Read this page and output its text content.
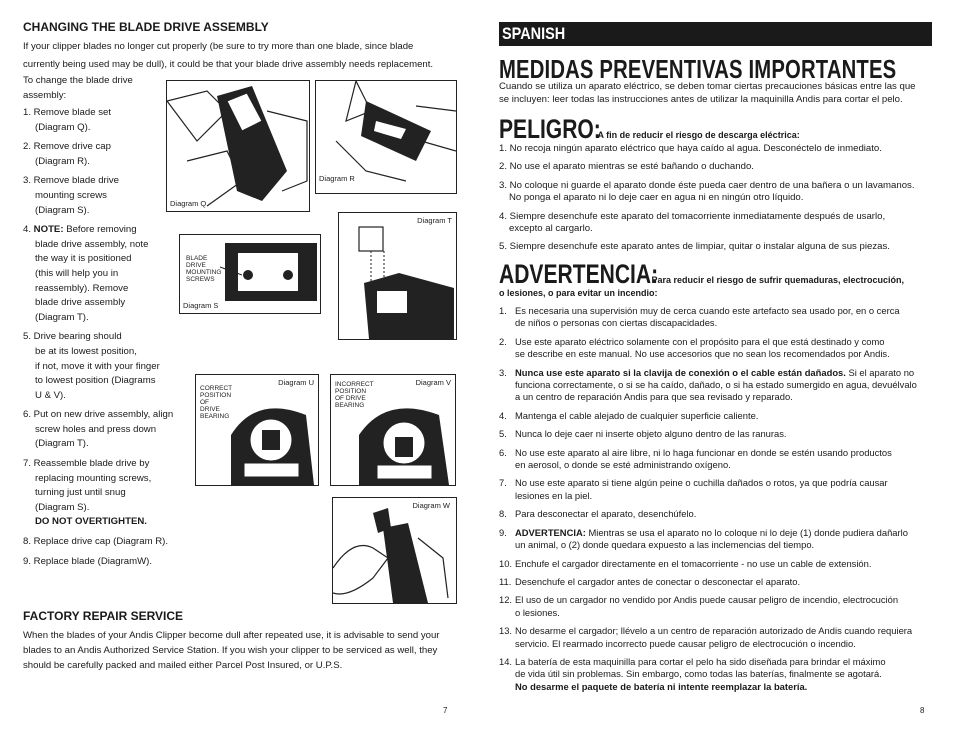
CHANGING THE BLADE DRIVE ASSEMBLY
If your clipper blades no longer cut properly (be sure to try more than one blade, since blade
currently being used may be dull), it could be that your blade drive assembly needs replacement.
To change the blade drive
assembly:
1. Remove blade set
(Diagram Q).
2. Remove drive cap
(Diagram R).
3. Remove blade drive
mounting screws
(Diagram S).
4. NOTE: Before removing
blade drive assembly, note
the way it is positioned
(this will help you in
reassembly). Remove
blade drive assembly
(Diagram T).
5. Drive bearing should
be at its lowest position,
if not, move it with your finger
to lowest position (Diagrams
U & V).
6. Put on new drive assembly, align
screw holes and press down
(Diagram T).
7. Reassemble blade drive by
replacing mounting screws,
turning just until snug
(Diagram S).
DO NOT OVERTIGHTEN.
8. Replace drive cap (Diagram R).
9. Replace blade (DiagramW).
Diagram Q
Diagram R
BLADE
DRIVE
MOUNTING
SCREWS
Diagram S
Diagram T
CORRECT
POSITION
OF
DRIVE
BEARING
Diagram U	INCORRECT
POSITION
OF DRIVE
BEARING
Diagram V
Diagram W
FACTORY REPAIR SERVICE
When the blades of your Andis Clipper become dull after repeated use, it is advisable to send your
blades to an Andis Authorized Service Station. If you wish your clipper to be serviced as well, they
should be carefully packed and mailed either Parcel Post Insured, or U.P.S.
7
SPANISH
MEDIDAS PREVENTIVAS IMPORTANTES
Cuando se utiliza un aparato eléctrico, se deben tomar ciertas precauciones básicas entre las que
se incluyen: leer todas las instrucciones antes de utilizar la maquinilla Andis para cortar el pelo.
PELIGRO: A fin de reducir el riesgo de descarga eléctrica:
1. No recoja ningún aparato eléctrico que haya caído al agua. Desconéctelo de inmediato.
2. No use el aparato mientras se esté bañando o duchando.
3. No coloque ni guarde el aparato donde éste pueda caer dentro de una bañera o un lavamanos.
No ponga el aparato ni lo deje caer en agua ni en ningún otro líquido.
4. Siempre desenchufe este aparato del tomacorriente inmediatamente después de usarlo,
excepto al cargarlo.
5. Siempre desenchufe este aparato antes de limpiar, quitar o instalar alguna de sus piezas.
ADVERTENCIA: Para reducir el riesgo de sufrir quemaduras, electrocución,
o lesiones, o para evitar un incendio:
1. Es necesaria una supervisión muy de cerca cuando este artefacto sea usado por, en o cerca
de niños o personas con ciertas discapacidades.
2. Use este aparato eléctrico solamente con el propósito para el que está destinado y como
se describe en este manual. No use accesorios que no sean los recomendados por Andis.
3. Nunca use este aparato si la clavija de conexión o el cable están dañados. Si el aparato no
funciona correctamente, o si se ha caído, dañado, o si ha estado sumergido en agua, devuélvalo
a un centro de reparación Andis para que sea revisado y reparado.
4. Mantenga el cable alejado de cualquier superficie caliente.
5. Nunca lo deje caer ni inserte objeto alguno dentro de las ranuras.
6. No use este aparato al aire libre, ni lo haga funcionar en donde se estén usando productos
en aerosol, o donde se esté administrando oxígeno.
7. No use este aparato si tiene algún peine o cuchilla dañados o rotos, ya que podría causar
lesiones en la piel.
8. Para desconectar el aparato, desenchúfelo.
9. ADVERTENCIA: Mientras se usa el aparato no lo coloque ni lo deje (1) donde pudiera dañarlo
un animal, o (2) donde quedara expuesto a las inclemencias del tiempo.
10. Enchufe el cargador directamente en el tomacorriente - no use un cable de extensión.
11. Desenchufe el cargador antes de conectar o desconectar el aparato.
12. El uso de un cargador no vendido por Andis puede causar peligro de incendio, electrocución
o lesiones.
13. No desarme el cargador; llévelo a un centro de reparación autorizado de Andis cuando requiera
servicio. El rearmado incorrecto puede causar peligro de electrocución o incendio.
14. La batería de esta maquinilla para cortar el pelo ha sido diseñada para brindar el máximo
de vida útil sin problemas. Sin embargo, como todas las baterías, finalmente se agotará.
No desarme el paquete de batería ni intente reemplazar la batería.
8
